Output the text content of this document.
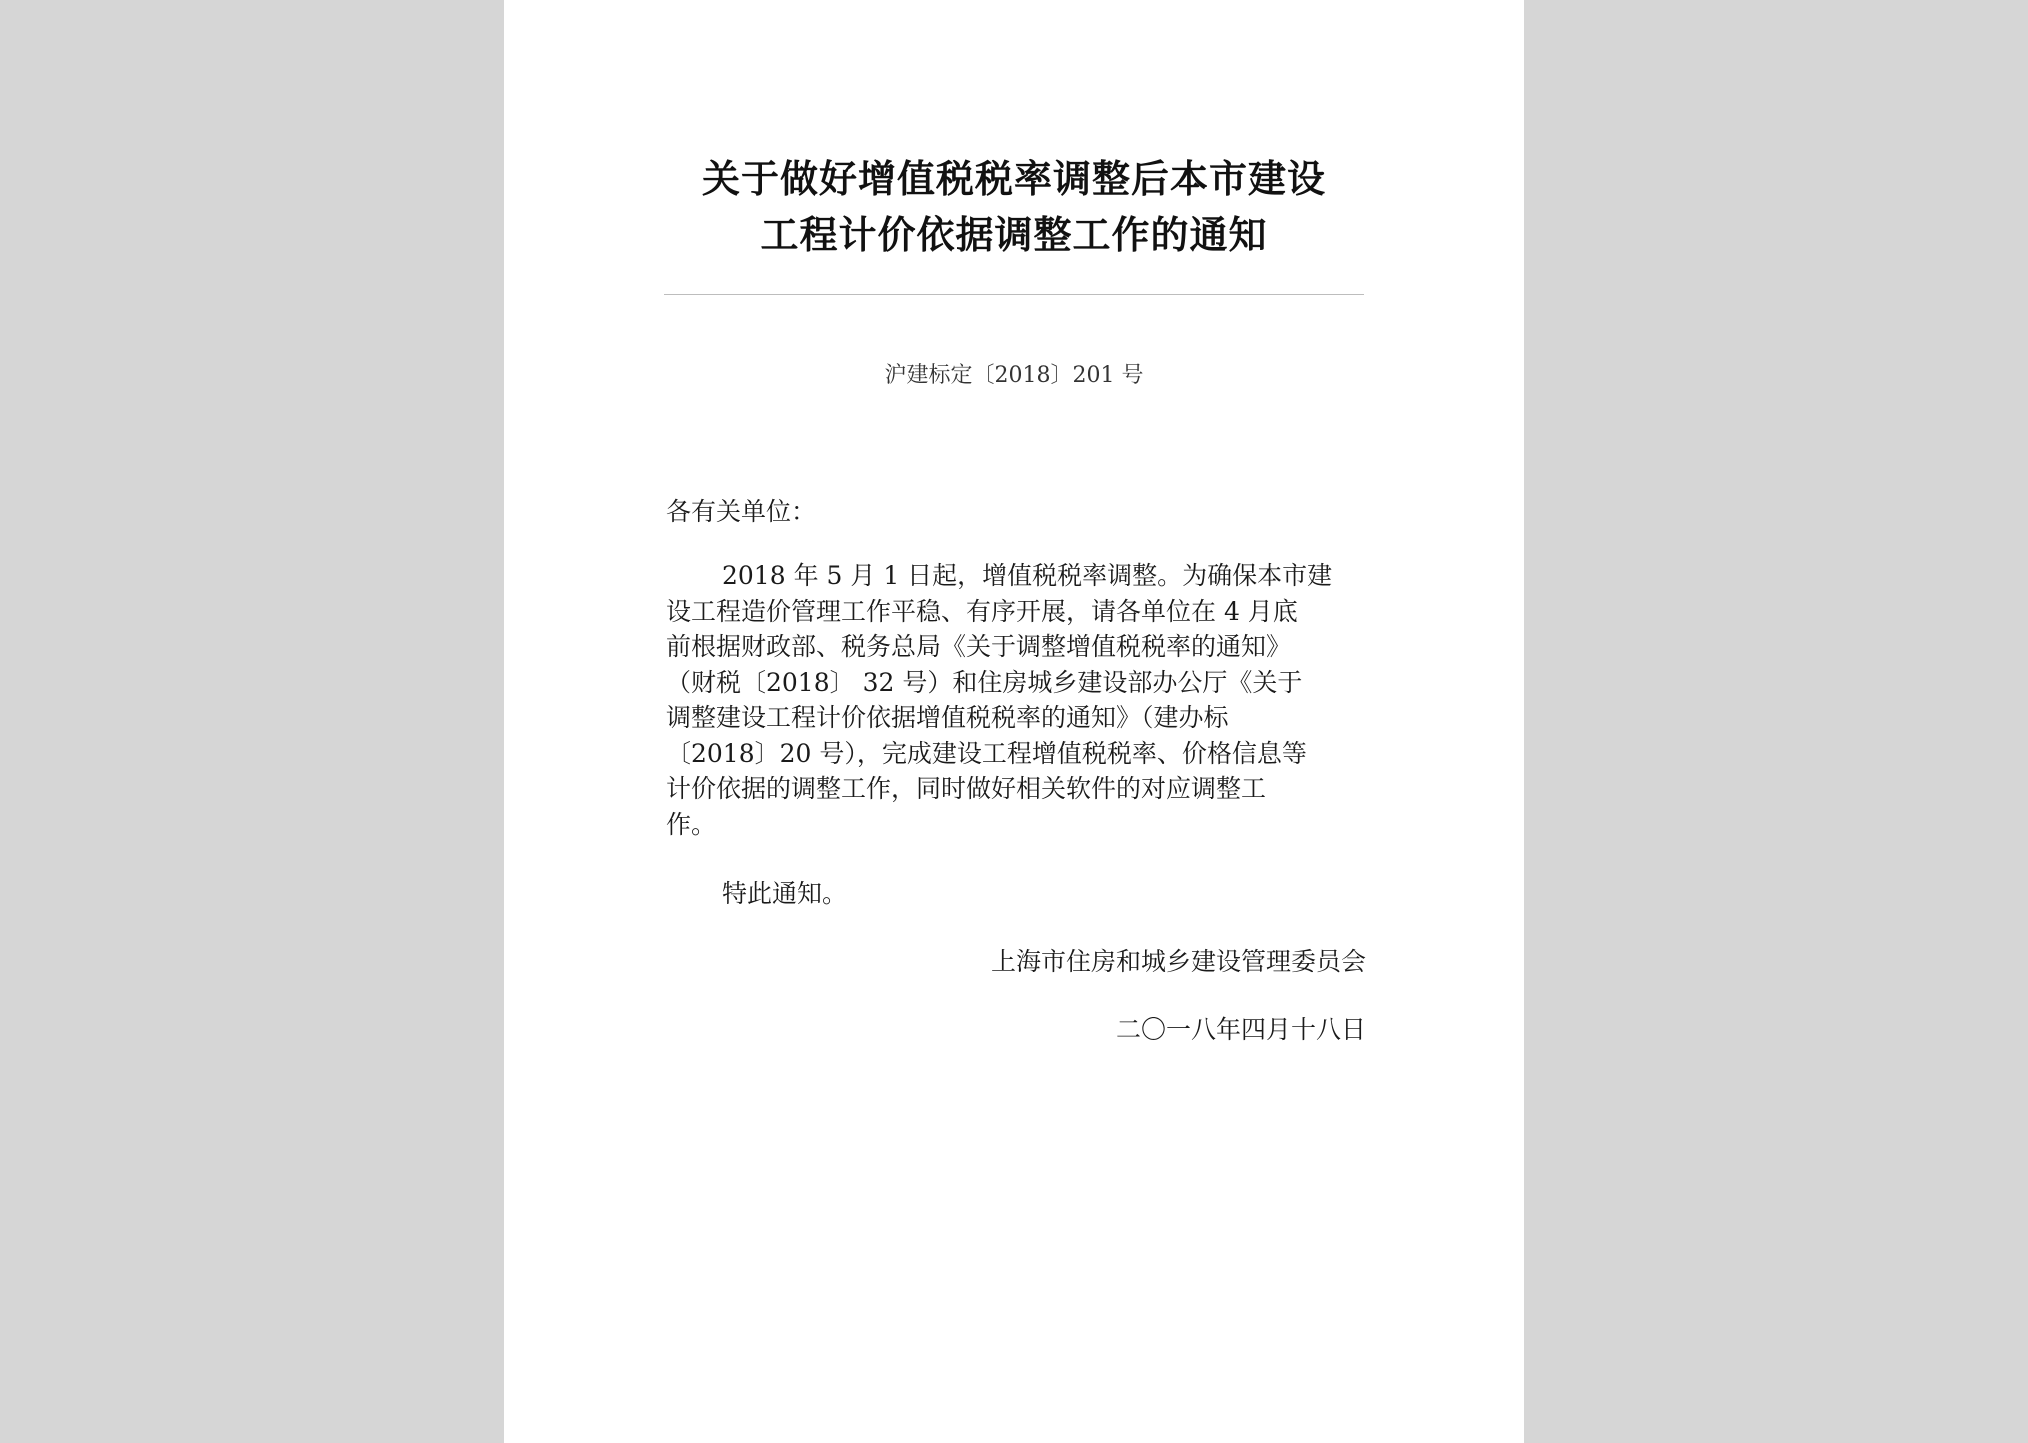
关于做好增值税税率调整后本市建设
工程计价依据调整工作的通知
沪建标定〔2018〕201 号
各有关单位：
2018 年 5 月 1 日起，增值税税率调整。为确保本市建
设工程造价管理工作平稳、有序开展，请各单位在 4 月底
前根据财政部、税务总局《关于调整增值税税率的通知》
（财税〔2018〕 32 号）和住房城乡建设部办公厅《关于
调整建设工程计价依据增值税税率的通知》（建办标
〔2018〕20 号），完成建设工程增值税税率、价格信息等
计价依据的调整工作，同时做好相关软件的对应调整工
作。
特此通知。
上海市住房和城乡建设管理委员会
二〇一八年四月十八日
